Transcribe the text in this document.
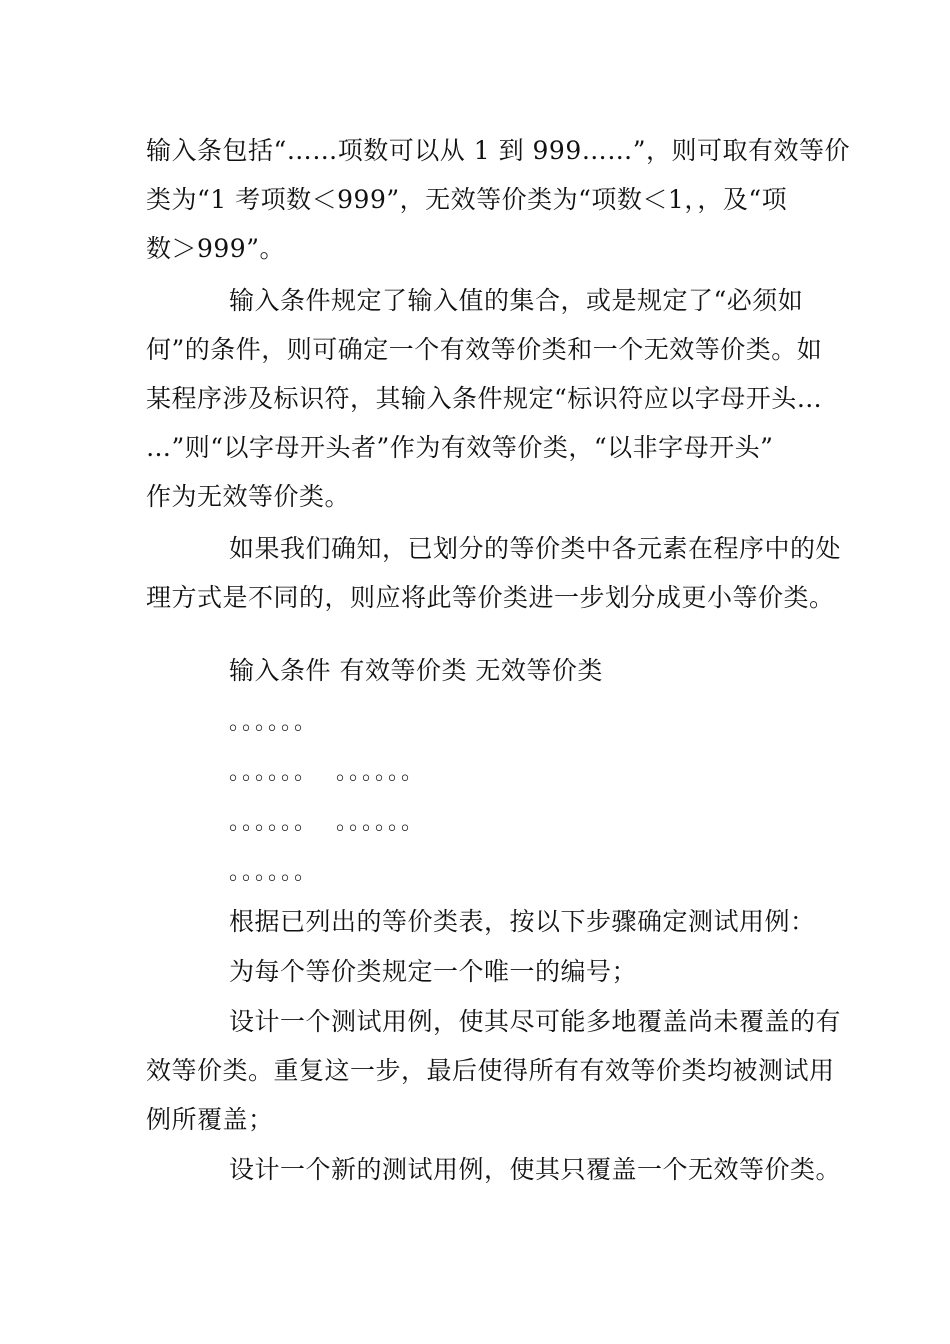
输入条包括“……项数可以从 1 到 999……”，则可取有效等价
类为“1 考项数＜999”，无效等价类为“项数＜1，，及“项
数＞999”。
输入条件规定了输入值的集合，或是规定了“必须如
何”的条件，则可确定一个有效等价类和一个无效等价类。如
某程序涉及标识符，其输入条件规定“标识符应以字母开头…
…”则“以字母开头者”作为有效等价类，“以非字母开头”
作为无效等价类。
如果我们确知，已划分的等价类中各元素在程序中的处
理方式是不同的，则应将此等价类进一步划分成更小等价类。
输入条件 有效等价类 无效等价类
。。。。。。
。。。。。。  。。。。。。
。。。。。。  。。。。。。
。。。。。。
根据已列出的等价类表，按以下步骤确定测试用例：
为每个等价类规定一个唯一的编号；
设计一个测试用例，使其尽可能多地覆盖尚未覆盖的有
效等价类。重复这一步，最后使得所有有效等价类均被测试用
例所覆盖；
设计一个新的测试用例，使其只覆盖一个无效等价类。
